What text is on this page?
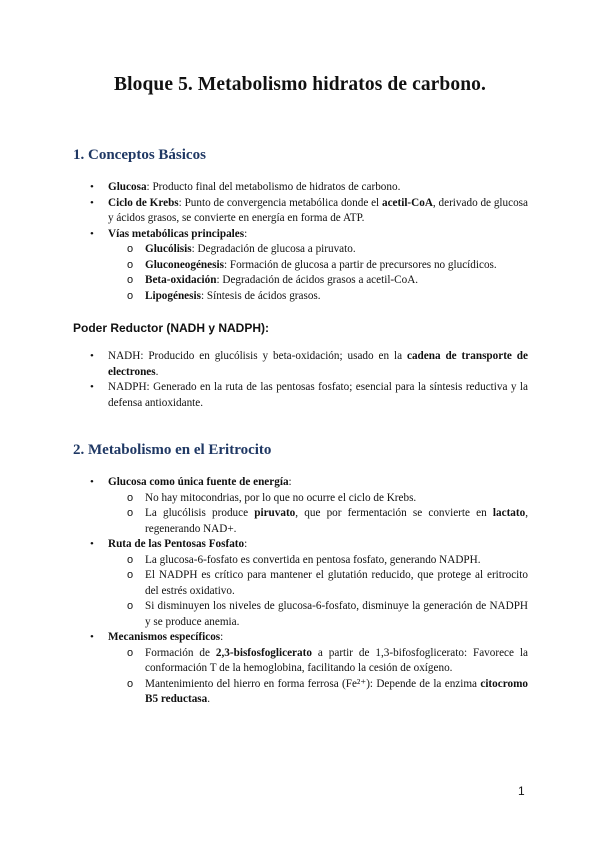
Bloque 5. Metabolismo hidratos de carbono.
1. Conceptos Básicos
• Glucosa: Producto final del metabolismo de hidratos de carbono.
• Ciclo de Krebs: Punto de convergencia metabólica donde el acetil-CoA, derivado de glucosa y ácidos grasos, se convierte en energía en forma de ATP.
• Vías metabólicas principales:
o Glucólisis: Degradación de glucosa a piruvato.
o Gluconeogénesis: Formación de glucosa a partir de precursores no glucídicos.
o Beta-oxidación: Degradación de ácidos grasos a acetil-CoA.
o Lipogénesis: Síntesis de ácidos grasos.
Poder Reductor (NADH y NADPH):
• NADH: Producido en glucólisis y beta-oxidación; usado en la cadena de transporte de electrones.
• NADPH: Generado en la ruta de las pentosas fosfato; esencial para la síntesis reductiva y la defensa antioxidante.
2. Metabolismo en el Eritrocito
• Glucosa como única fuente de energía:
o No hay mitocondrias, por lo que no ocurre el ciclo de Krebs.
o La glucólisis produce piruvato, que por fermentación se convierte en lactato, regenerando NAD+.
• Ruta de las Pentosas Fosfato:
o La glucosa-6-fosfato es convertida en pentosa fosfato, generando NADPH.
o El NADPH es crítico para mantener el glutatión reducido, que protege al eritrocito del estrés oxidativo.
o Si disminuyen los niveles de glucosa-6-fosfato, disminuye la generación de NADPH y se produce anemia.
• Mecanismos específicos:
o Formación de 2,3-bisfosfoglicerato a partir de 1,3-bifosfoglicerato: Favorece la conformación T de la hemoglobina, facilitando la cesión de oxígeno.
o Mantenimiento del hierro en forma ferrosa (Fe²⁺): Depende de la enzima citocromo B5 reductasa.
1
